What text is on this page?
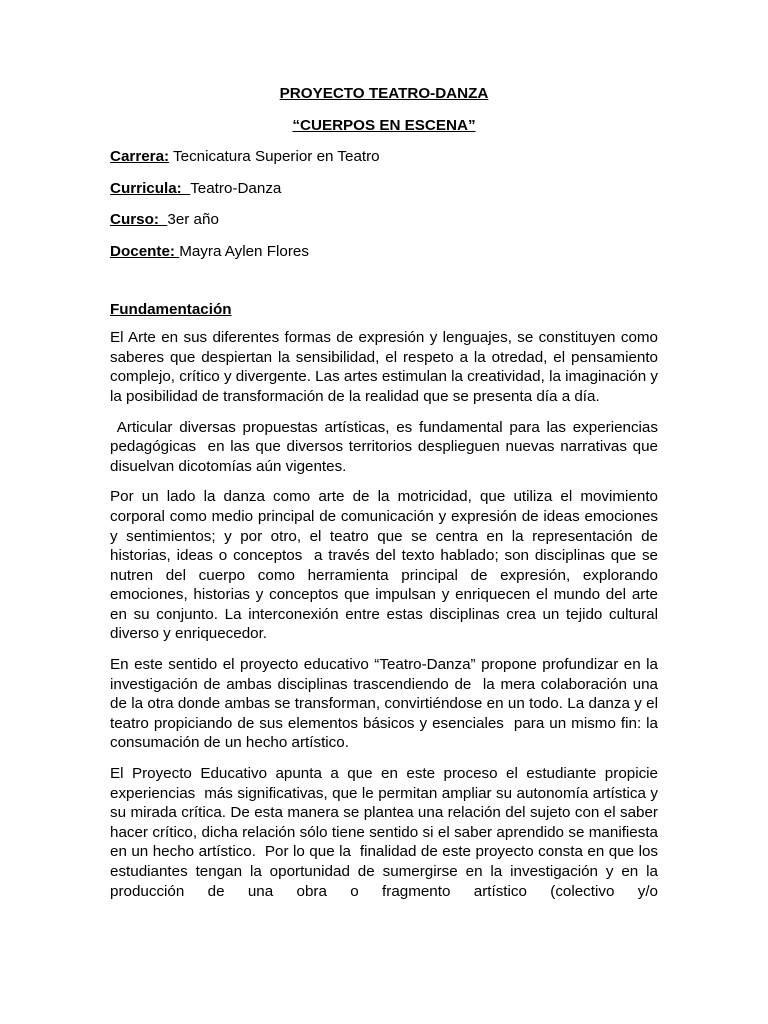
PROYECTO TEATRO-DANZA
“CUERPOS EN ESCENA”
Carrera: Tecnicatura Superior en Teatro
Curricula:  Teatro-Danza
Curso:  3er año
Docente: Mayra Aylen Flores
Fundamentación

El Arte en sus diferentes formas de expresión y lenguajes, se constituyen como saberes que despiertan la sensibilidad, el respeto a la otredad, el pensamiento complejo, crítico y divergente. Las artes estimulan la creatividad, la imaginación y la posibilidad de transformación de la realidad que se presenta día a día.

Articular diversas propuestas artísticas, es fundamental para las experiencias pedagógicas  en las que diversos territorios desplieguen nuevas narrativas que disuelvan dicotomías aún vigentes.

Por un lado la danza como arte de la motricidad, que utiliza el movimiento corporal como medio principal de comunicación y expresión de ideas emociones y sentimientos; y por otro, el teatro que se centra en la representación de historias, ideas o conceptos  a través del texto hablado; son disciplinas que se nutren del cuerpo como herramienta principal de expresión, explorando emociones, historias y conceptos que impulsan y enriquecen el mundo del arte en su conjunto. La interconexión entre estas disciplinas crea un tejido cultural diverso y enriquecedor.

En este sentido el proyecto educativo “Teatro-Danza” propone profundizar en la investigación de ambas disciplinas trascendiendo de  la mera colaboración una de la otra donde ambas se transforman, convirtiéndose en un todo. La danza y el teatro propiciando de sus elementos básicos y esenciales  para un mismo fin: la consumación de un hecho artístico.

El Proyecto Educativo apunta a que en este proceso el estudiante propicie experiencias  más significativas, que le permitan ampliar su autonomía artística y su mirada crítica. De esta manera se plantea una relación del sujeto con el saber hacer crítico, dicha relación sólo tiene sentido si el saber aprendido se manifiesta en un hecho artístico.  Por lo que la  finalidad de este proyecto consta en que los estudiantes tengan la oportunidad de sumergirse en la investigación y en la producción de una obra o fragmento artístico (colectivo y/o
